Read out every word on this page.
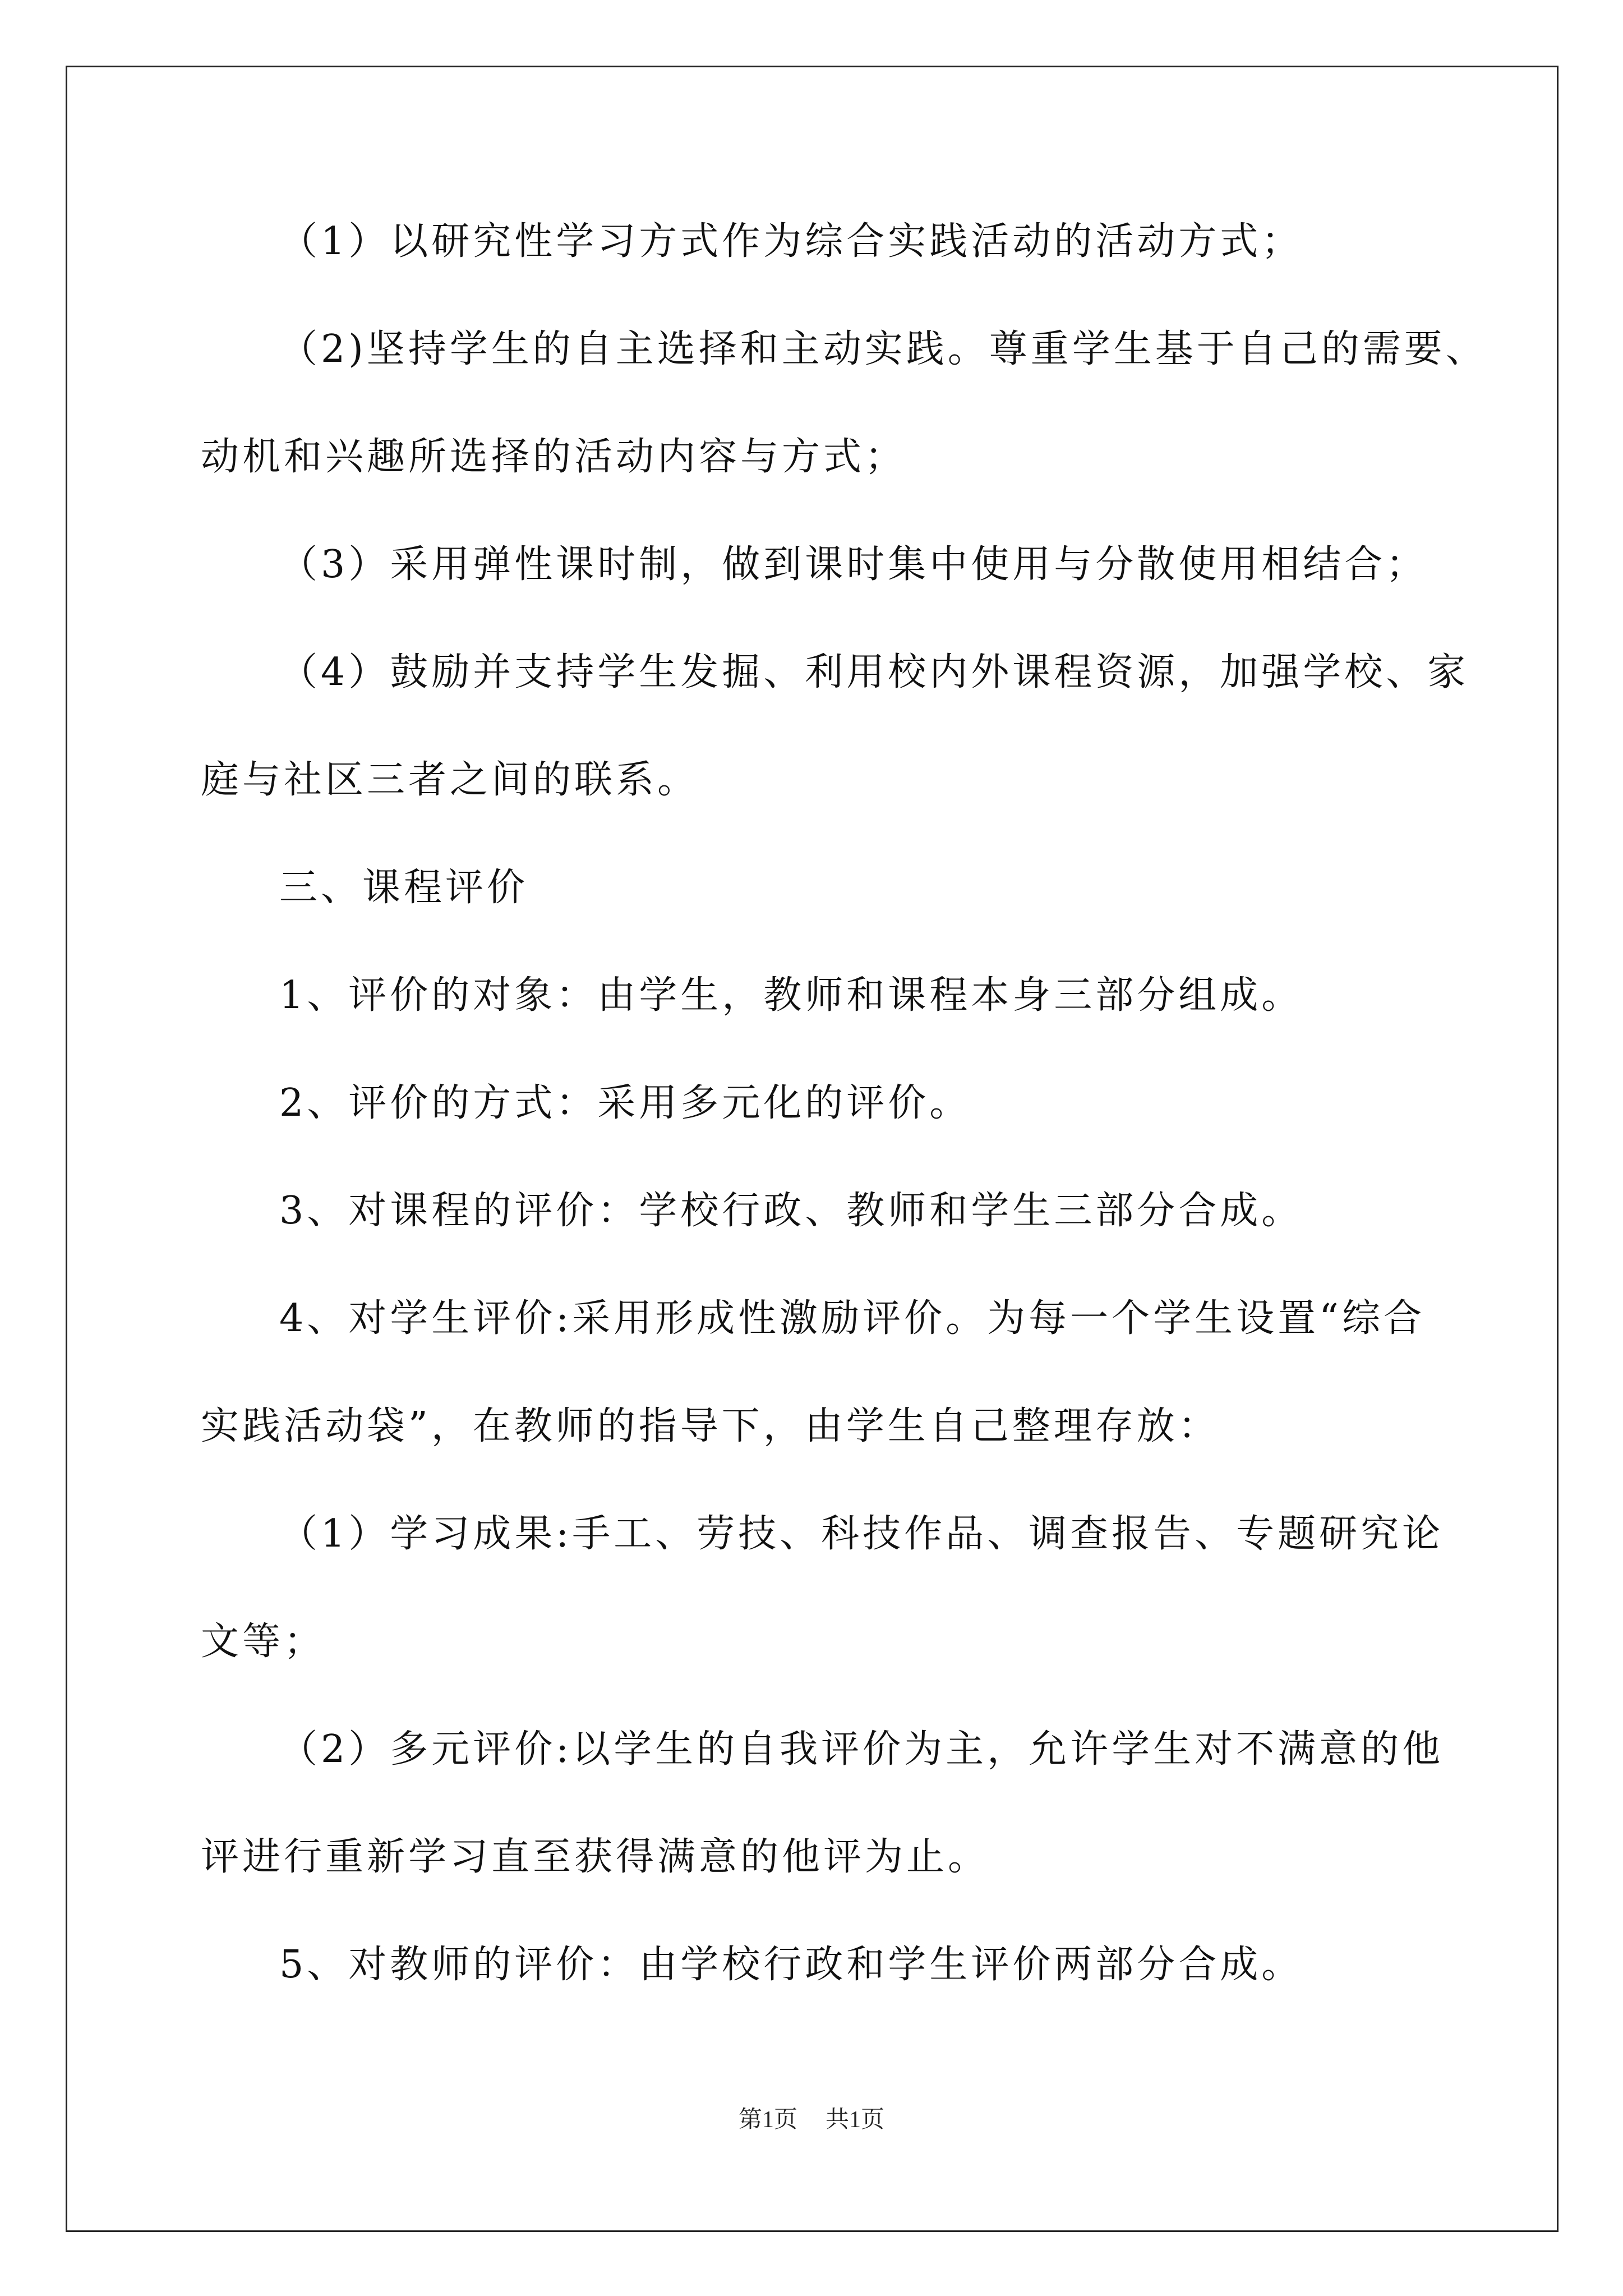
（1）以研究性学习方式作为综合实践活动的活动方式；
（2)坚持学生的自主选择和主动实践。尊重学生基于自己的需要、
动机和兴趣所选择的活动内容与方式；
（3）采用弹性课时制，做到课时集中使用与分散使用相结合；
（4）鼓励并支持学生发掘、利用校内外课程资源，加强学校、家
庭与社区三者之间的联系。
三、课程评价
1、评价的对象：由学生，教师和课程本身三部分组成。
2、评价的方式：采用多元化的评价。
3、对课程的评价：学校行政、教师和学生三部分合成。
4、对学生评价:采用形成性激励评价。为每一个学生设置“综合
实践活动袋”，在教师的指导下，由学生自己整理存放：
（1）学习成果:手工、劳技、科技作品、调查报告、专题研究论
文等；
（2）多元评价:以学生的自我评价为主，允许学生对不满意的他
评进行重新学习直至获得满意的他评为止。
5、对教师的评价：由学校行政和学生评价两部分合成。
第1页 共1页
